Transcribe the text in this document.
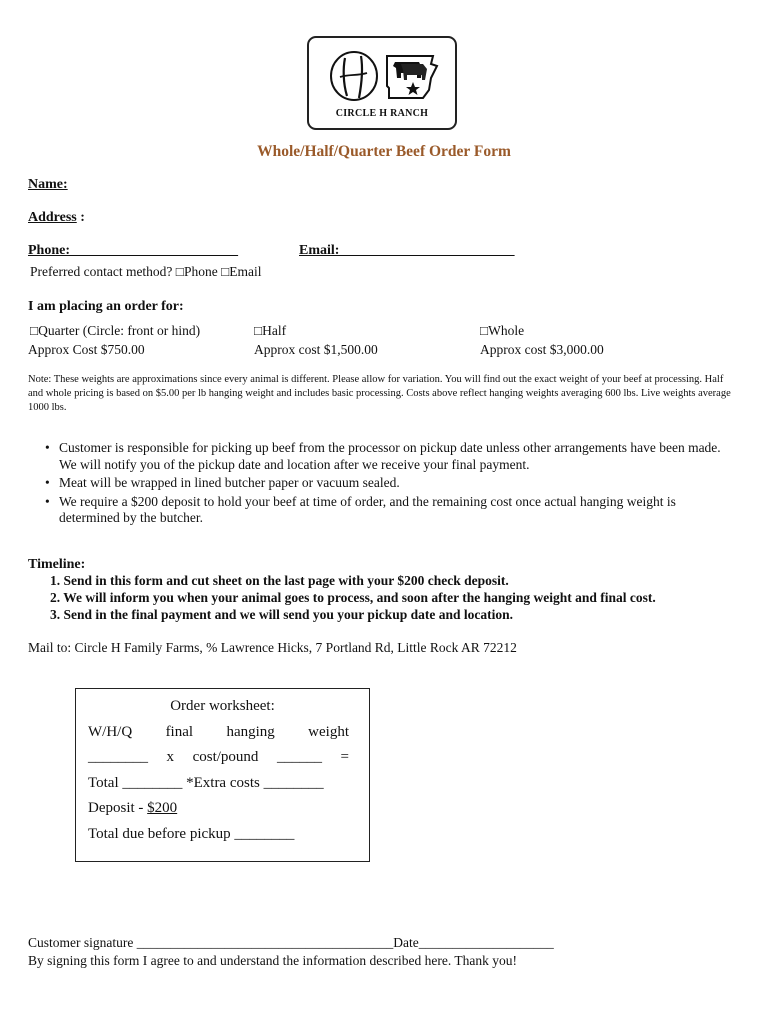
CIRCLE H RANCH
Whole/Half/Quarter Beef Order Form
Name:
Address :
Phone:________________________	Email:_________________________
Preferred contact method? □Phone □Email
I am placing an order for:
□Quarter (Circle: front or hind)	□Half	□Whole
Approx Cost $750.00	Approx cost $1,500.00	Approx cost $3,000.00
Note: These weights are approximations since every animal is different. Please allow for variation. You will find out the exact weight of your beef at processing. Half and whole pricing is based on $5.00 per lb hanging weight and includes basic processing. Costs above reflect hanging weights averaging 600 lbs. Live weights average 1000 lbs.
• Customer is responsible for picking up beef from the processor on pickup date unless other arrangements have been made. We will notify you of the pickup date and location after we receive your final payment.
• Meat will be wrapped in lined butcher paper or vacuum sealed.
• We require a $200 deposit to hold your beef at time of order, and the remaining cost once actual hanging weight is determined by the butcher.
Timeline:
1. Send in this form and cut sheet on the last page with your $200 check deposit.
2. We will inform you when your animal goes to process, and soon after the hanging weight and final cost.
3. Send in the final payment and we will send you your pickup date and location.
Mail to: Circle H Family Farms, % Lawrence Hicks, 7 Portland Rd, Little Rock AR 72212
Order worksheet:
W/H/Q final hanging weight
________ x cost/pound ______ =
Total ________ *Extra costs ________
Deposit - $200
Total due before pickup ________
Customer signature ______________________________________Date____________________
By signing this form I agree to and understand the information described here. Thank you!
